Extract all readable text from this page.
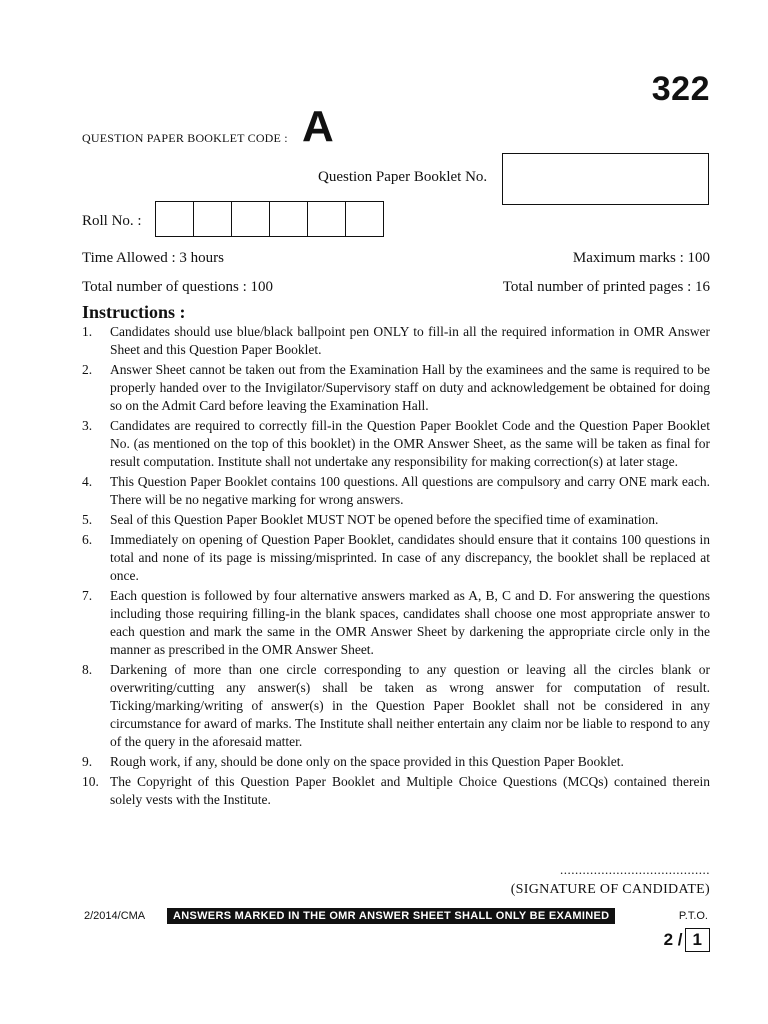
322
QUESTION PAPER BOOKLET CODE : A
Question Paper Booklet No.
Roll No. :
Time Allowed : 3 hours	Maximum marks : 100
Total number of questions : 100	Total number of printed pages : 16
Instructions :
1.	Candidates should use blue/black ballpoint pen ONLY to fill-in all the required information in OMR Answer Sheet and this Question Paper Booklet.
2.	Answer Sheet cannot be taken out from the Examination Hall by the examinees and the same is required to be properly handed over to the Invigilator/Supervisory staff on duty and acknowledgement be obtained for doing so on the Admit Card before leaving the Examination Hall.
3.	Candidates are required to correctly fill-in the Question Paper Booklet Code and the Question Paper Booklet No. (as mentioned on the top of this booklet) in the OMR Answer Sheet, as the same will be taken as final for result computation. Institute shall not undertake any responsibility for making correction(s) at later stage.
4.	This Question Paper Booklet contains 100 questions. All questions are compulsory and carry ONE mark each. There will be no negative marking for wrong answers.
5.	Seal of this Question Paper Booklet MUST NOT be opened before the specified time of examination.
6.	Immediately on opening of Question Paper Booklet, candidates should ensure that it contains 100 questions in total and none of its page is missing/misprinted. In case of any discrepancy, the booklet shall be replaced at once.
7.	Each question is followed by four alternative answers marked as A, B, C and D. For answering the questions including those requiring filling-in the blank spaces, candidates shall choose one most appropriate answer to each question and mark the same in the OMR Answer Sheet by darkening the appropriate circle only in the manner as prescribed in the OMR Answer Sheet.
8.	Darkening of more than one circle corresponding to any question or leaving all the circles blank or overwriting/cutting any answer(s) shall be taken as wrong answer for computation of result. Ticking/marking/writing of answer(s) in the Question Paper Booklet shall not be considered in any circumstance for award of marks. The Institute shall neither entertain any claim nor be liable to respond to any of the query in the aforesaid matter.
9.	Rough work, if any, should be done only on the space provided in this Question Paper Booklet.
10. The Copyright of this Question Paper Booklet and Multiple Choice Questions (MCQs) contained therein solely vests with the Institute.
........................................
(SIGNATURE OF CANDIDATE)
2/2014/CMA	ANSWERS MARKED IN THE OMR ANSWER SHEET SHALL ONLY BE EXAMINED	P.T.O.
2 / 1
